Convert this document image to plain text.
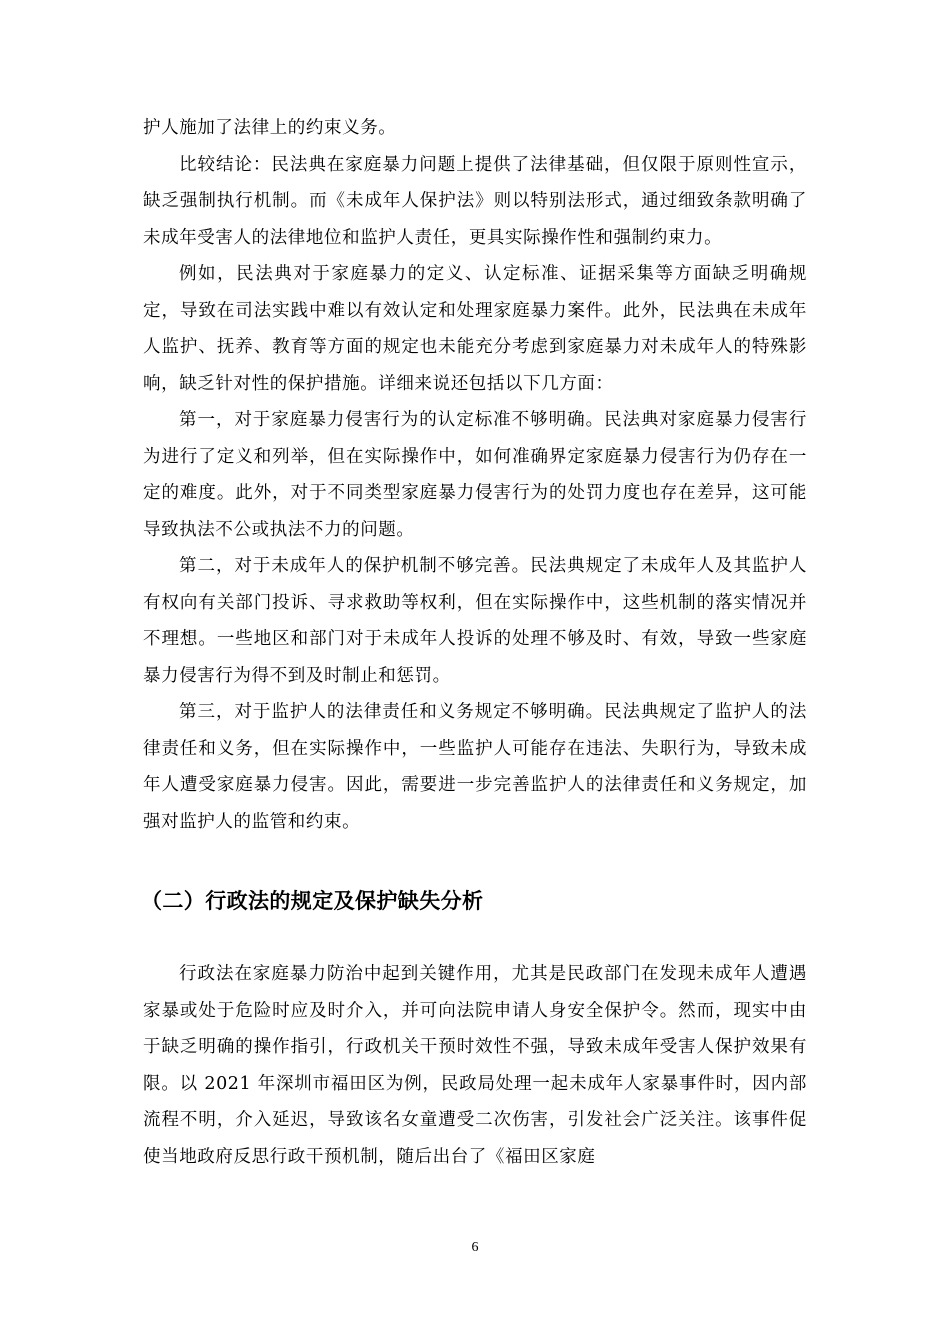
护人施加了法律上的约束义务。

比较结论：民法典在家庭暴力问题上提供了法律基础，但仅限于原则性宣示，缺乏强制执行机制。而《未成年人保护法》则以特别法形式，通过细致条款明确了未成年受害人的法律地位和监护人责任，更具实际操作性和强制约束力。

例如，民法典对于家庭暴力的定义、认定标准、证据采集等方面缺乏明确规定，导致在司法实践中难以有效认定和处理家庭暴力案件。此外，民法典在未成年人监护、抚养、教育等方面的规定也未能充分考虑到家庭暴力对未成年人的特殊影响，缺乏针对性的保护措施。详细来说还包括以下几方面：

第一，对于家庭暴力侵害行为的认定标准不够明确。民法典对家庭暴力侵害行为进行了定义和列举，但在实际操作中，如何准确界定家庭暴力侵害行为仍存在一定的难度。此外，对于不同类型家庭暴力侵害行为的处罚力度也存在差异，这可能导致执法不公或执法不力的问题。

第二，对于未成年人的保护机制不够完善。民法典规定了未成年人及其监护人有权向有关部门投诉、寻求救助等权利，但在实际操作中，这些机制的落实情况并不理想。一些地区和部门对于未成年人投诉的处理不够及时、有效，导致一些家庭暴力侵害行为得不到及时制止和惩罚。

第三，对于监护人的法律责任和义务规定不够明确。民法典规定了监护人的法律责任和义务，但在实际操作中，一些监护人可能存在违法、失职行为，导致未成年人遭受家庭暴力侵害。因此，需要进一步完善监护人的法律责任和义务规定，加强对监护人的监管和约束。

（二）行政法的规定及保护缺失分析

行政法在家庭暴力防治中起到关键作用，尤其是民政部门在发现未成年人遭遇家暴或处于危险时应及时介入，并可向法院申请人身安全保护令。然而，现实中由于缺乏明确的操作指引，行政机关干预时效性不强，导致未成年受害人保护效果有限。以 2021 年深圳市福田区为例，民政局处理一起未成年人家暴事件时，因内部流程不明，介入延迟，导致该名女童遭受二次伤害，引发社会广泛关注。该事件促使当地政府反思行政干预机制，随后出台了《福田区家庭

6
